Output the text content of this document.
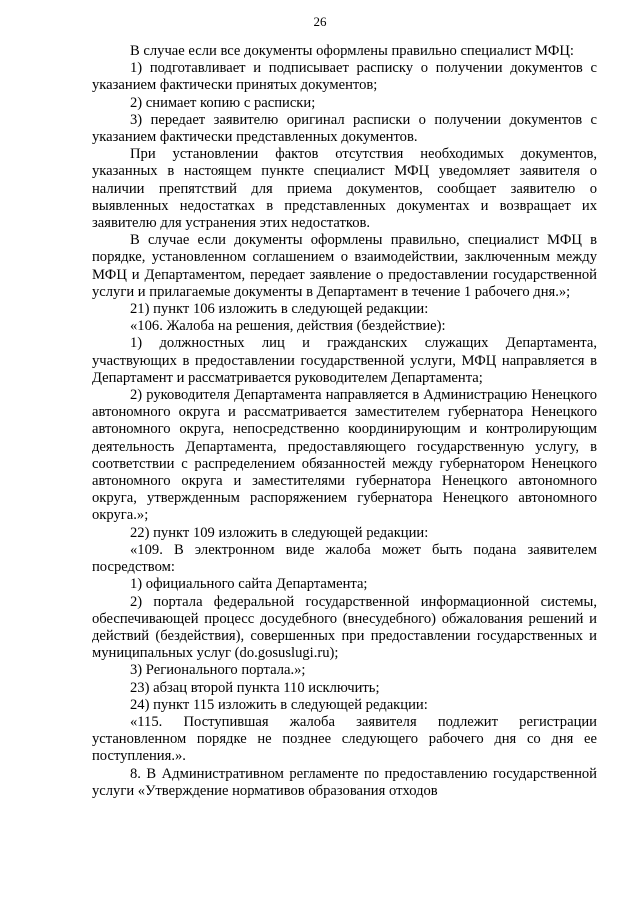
26

В случае если все документы оформлены правильно специалист МФЦ:

1) подготавливает и подписывает расписку о получении документов с указанием фактически принятых документов;

2) снимает копию с расписки;

3) передает заявителю оригинал расписки о получении документов с указанием фактически представленных документов.

При установлении фактов отсутствия необходимых документов, указанных в настоящем пункте специалист МФЦ уведомляет заявителя о наличии препятствий для приема документов, сообщает заявителю о выявленных недостатках в представленных документах и возвращает их заявителю для устранения этих недостатков.

В случае если документы оформлены правильно, специалист МФЦ в порядке, установленном соглашением о взаимодействии, заключенным между МФЦ и Департаментом, передает заявление о предоставлении государственной услуги и прилагаемые документы в Департамент в течение 1 рабочего дня.»;

21) пункт 106 изложить в следующей редакции:

«106. Жалоба на решения, действия (бездействие):

1) должностных лиц и гражданских служащих Департамента, участвующих в предоставлении государственной услуги, МФЦ направляется в Департамент и рассматривается руководителем Департамента;

2) руководителя Департамента направляется в Администрацию Ненецкого автономного округа и рассматривается заместителем губернатора Ненецкого автономного округа, непосредственно координирующим и контролирующим деятельность Департамента, предоставляющего государственную услугу, в соответствии с распределением обязанностей между губернатором Ненецкого автономного округа и заместителями губернатора Ненецкого автономного округа, утвержденным распоряжением губернатора Ненецкого автономного округа.»;

22) пункт 109 изложить в следующей редакции:

«109. В электронном виде жалоба может быть подана заявителем посредством:

1) официального сайта Департамента;

2) портала федеральной государственной информационной системы, обеспечивающей процесс досудебного (внесудебного) обжалования решений и действий (бездействия), совершенных при предоставлении государственных и муниципальных услуг (do.gosuslugi.ru);

3) Регионального портала.»;

23) абзац второй пункта 110 исключить;

24) пункт 115 изложить в следующей редакции:

«115. Поступившая жалоба заявителя подлежит регистрации установленном порядке не позднее следующего рабочего дня со дня ее поступления.».

8. В Административном регламенте по предоставлению государственной услуги «Утверждение нормативов образования отходов
